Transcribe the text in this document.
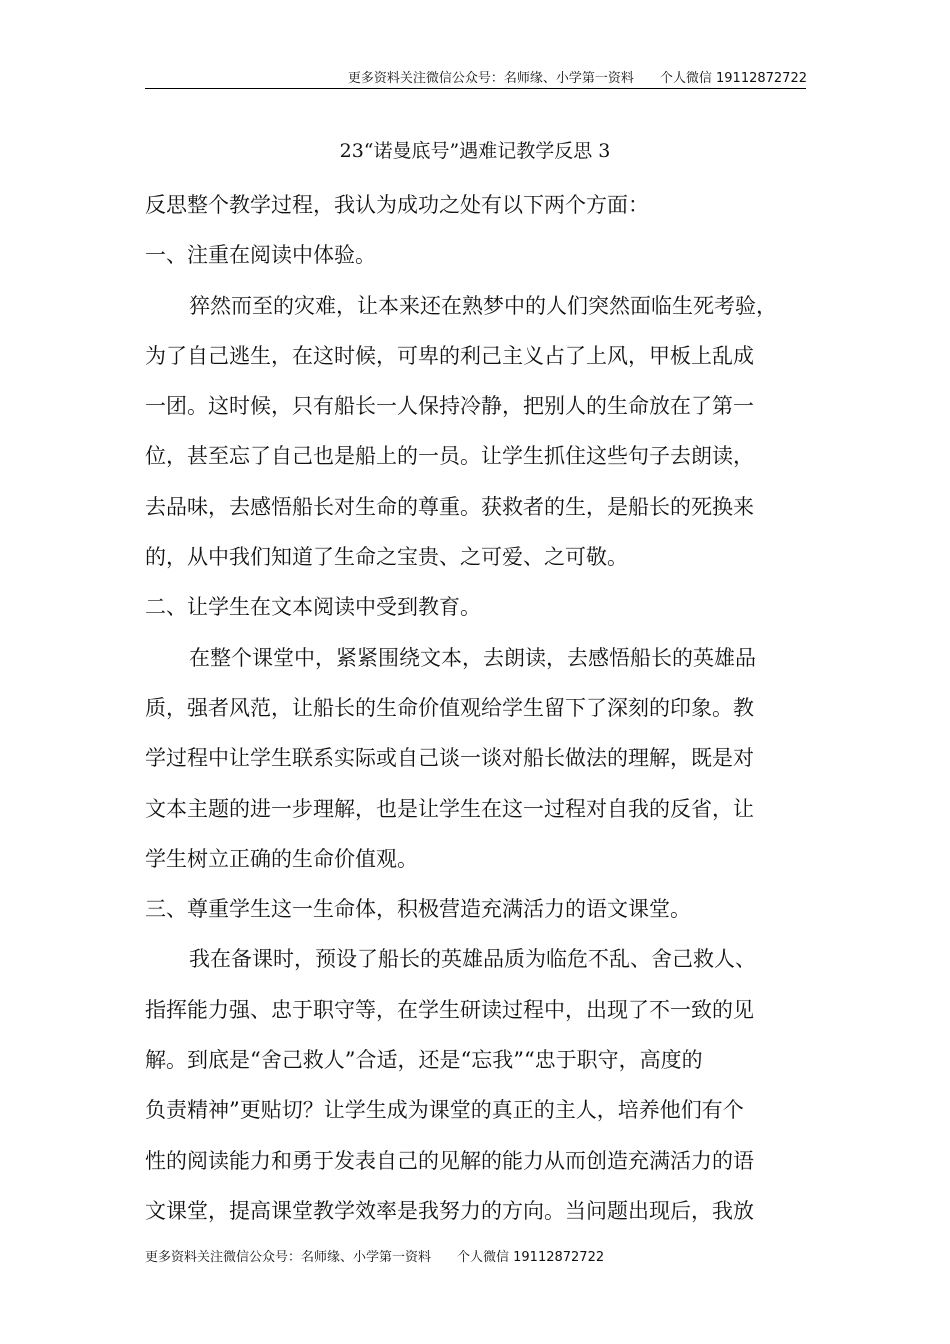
更多资料关注微信公众号：名师缘、小学第一资料　　个人微信 19112872722
23“诺曼底号”遇难记教学反思 3
反思整个教学过程，我认为成功之处有以下两个方面：
一、注重在阅读中体验。
猝然而至的灾难，让本来还在熟梦中的人们突然面临生死考验，
为了自己逃生，在这时候，可卑的利己主义占了上风，甲板上乱成
一团。这时候，只有船长一人保持冷静，把别人的生命放在了第一
位，甚至忘了自己也是船上的一员。让学生抓住这些句子去朗读，
去品味，去感悟船长对生命的尊重。获救者的生，是船长的死换来
的，从中我们知道了生命之宝贵、之可爱、之可敬。
二、让学生在文本阅读中受到教育。
在整个课堂中，紧紧围绕文本，去朗读，去感悟船长的英雄品
质，强者风范，让船长的生命价值观给学生留下了深刻的印象。教
学过程中让学生联系实际或自己谈一谈对船长做法的理解，既是对
文本主题的进一步理解，也是让学生在这一过程对自我的反省，让
学生树立正确的生命价值观。
三、尊重学生这一生命体，积极营造充满活力的语文课堂。
我在备课时，预设了船长的英雄品质为临危不乱、舍己救人、
指挥能力强、忠于职守等，在学生研读过程中，出现了不一致的见
解。到底是“舍己救人”合适，还是“忘我”“忠于职守，高度的
负责精神”更贴切？让学生成为课堂的真正的主人，培养他们有个
性的阅读能力和勇于发表自己的见解的能力从而创造充满活力的语
文课堂，提高课堂教学效率是我努力的方向。当问题出现后，我放
更多资料关注微信公众号：名师缘、小学第一资料　　个人微信 19112872722
